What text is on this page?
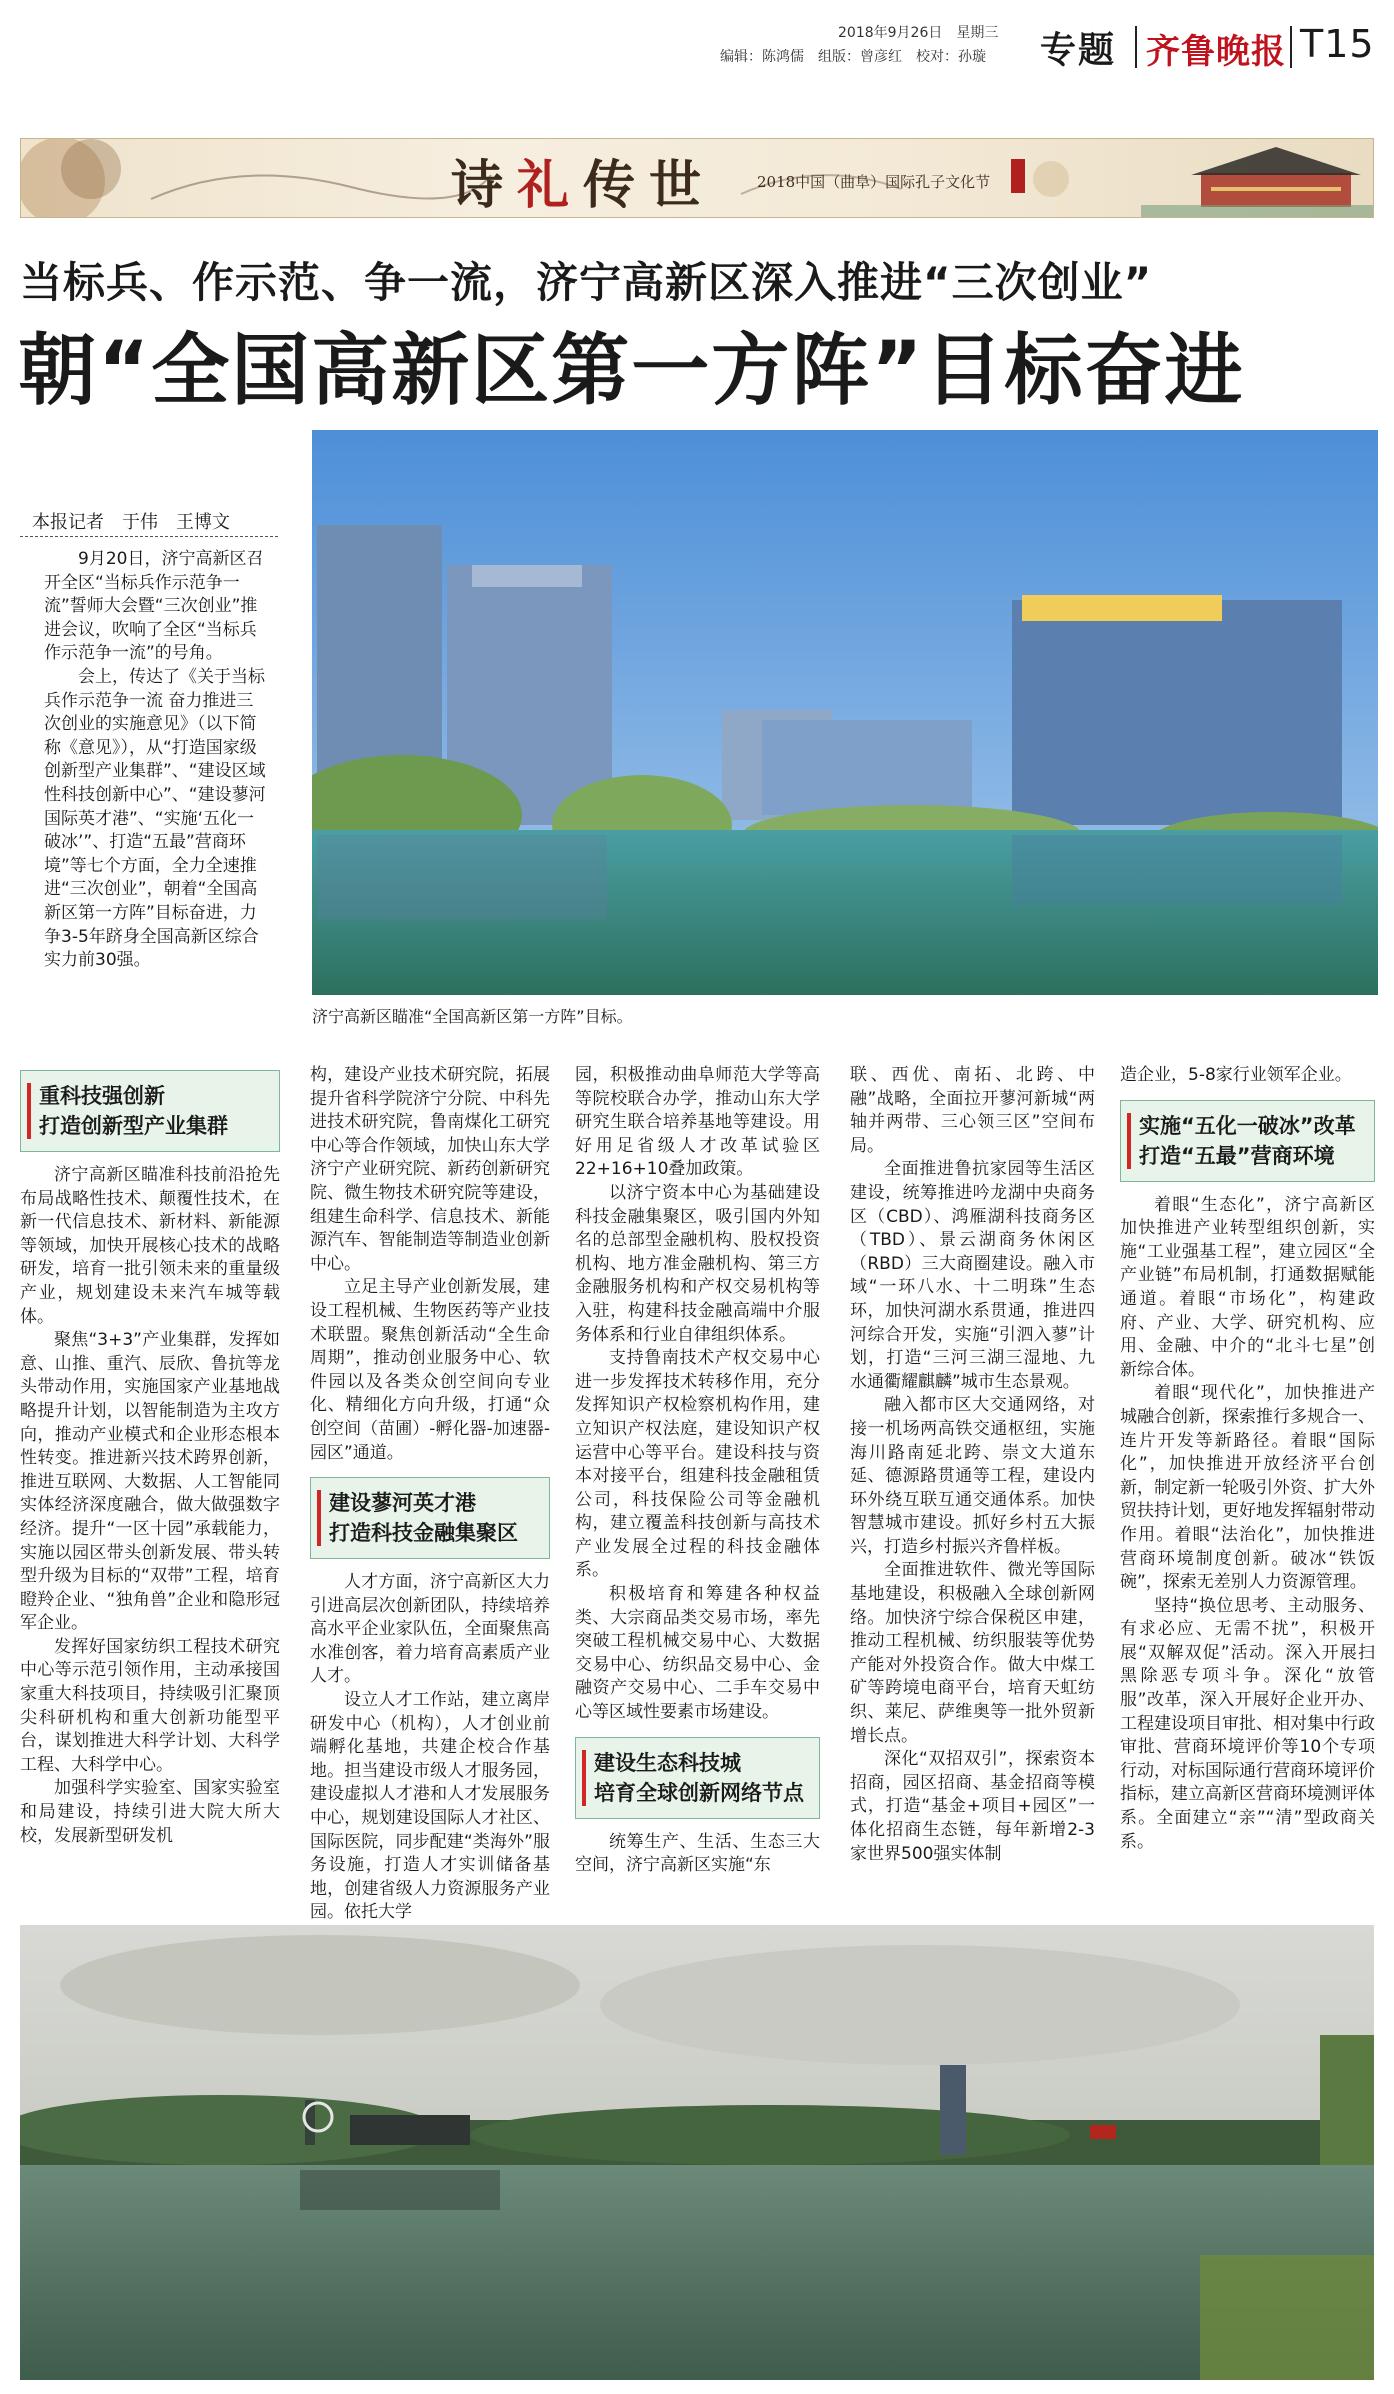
2018年9月26日　星期三
编辑：陈鸿儒　组版：曾彦红　校对：孙璇 专题 齐鲁晚报 T15
诗礼传世	2018中国（曲阜）国际孔子文化节
当标兵、作示范、争一流，济宁高新区深入推进“三次创业”
朝“全国高新区第一方阵”目标奋进
本报记者　于伟　王博文

9月20日，济宁高新区召开全区“当标兵作示范争一流”誓师大会暨“三次创业”推进会议，吹响了全区“当标兵作示范争一流”的号角。

会上，传达了《关于当标兵作示范争一流 奋力推进三次创业的实施意见》（以下简称《意见》），从“打造国家级创新型产业集群”、“建设区域性科技创新中心”、“建设蓼河国际英才港”、“实施‘五化一破冰’”、打造“五最”营商环境”等七个方面，全力全速推进“三次创业”，朝着“全国高新区第一方阵”目标奋进，力争3-5年跻身全国高新区综合实力前30强。

济宁高新区瞄准“全国高新区第一方阵”目标。
重科技强创新
打造创新型产业集群

济宁高新区瞄准科技前沿抢先布局战略性技术、颠覆性技术，在新一代信息技术、新材料、新能源等领域，加快开展核心技术的战略研发，培育一批引领未来的重量级产业，规划建设未来汽车城等载体。

聚焦“3+3”产业集群，发挥如意、山推、重汽、辰欣、鲁抗等龙头带动作用，实施国家产业基地战略提升计划，以智能制造为主攻方向，推动产业模式和企业形态根本性转变。推进新兴技术跨界创新，推进互联网、大数据、人工智能同实体经济深度融合，做大做强数字经济。提升“一区十园”承载能力，实施以园区带头创新发展、带头转型升级为目标的“双带”工程，培育瞪羚企业、“独角兽”企业和隐形冠军企业。

发挥好国家纺织工程技术研究中心等示范引领作用，主动承接国家重大科技项目，持续吸引汇聚顶尖科研机构和重大创新功能型平台，谋划推进大科学计划、大科学工程、大科学中心。

加强科学实验室、国家实验室和局建设，持续引进大院大所大校，发展新型研发机

构，建设产业技术研究院，拓展提升省科学院济宁分院、中科先进技术研究院，鲁南煤化工研究中心等合作领域，加快山东大学济宁产业研究院、新药创新研究院、微生物技术研究院等建设，组建生命科学、信息技术、新能源汽车、智能制造等制造业创新中心。

立足主导产业创新发展，建设工程机械、生物医药等产业技术联盟。聚焦创新活动“全生命周期”，推动创业服务中心、软件园以及各类众创空间向专业化、精细化方向升级，打通“众创空间（苗圃）-孵化器-加速器-园区”通道。

建设蓼河英才港
打造科技金融集聚区

人才方面，济宁高新区大力引进高层次创新团队，持续培养高水平企业家队伍，全面聚焦高水准创客，着力培育高素质产业人才。

设立人才工作站，建立离岸研发中心（机构），人才创业前端孵化基地，共建企校合作基地。担当建设市级人才服务园，建设虚拟人才港和人才发展服务中心，规划建设国际人才社区、国际医院，同步配建“类海外”服务设施，打造人才实训储备基地，创建省级人力资源服务产业园。依托大学

园，积极推动曲阜师范大学等高等院校联合办学，推动山东大学研究生联合培养基地等建设。用好用足省级人才改革试验区22+16+10叠加政策。

以济宁资本中心为基础建设科技金融集聚区，吸引国内外知名的总部型金融机构、股权投资机构、地方准金融机构、第三方金融服务机构和产权交易机构等入驻，构建科技金融高端中介服务体系和行业自律组织体系。

支持鲁南技术产权交易中心进一步发挥技术转移作用，充分发挥知识产权检察机构作用，建立知识产权法庭，建设知识产权运营中心等平台。建设科技与资本对接平台，组建科技金融租赁公司，科技保险公司等金融机构，建立覆盖科技创新与高技术产业发展全过程的科技金融体系。

积极培育和筹建各种权益类、大宗商品类交易市场，率先突破工程机械交易中心、大数据交易中心、纺织品交易中心、金融资产交易中心、二手车交易中心等区域性要素市场建设。

建设生态科技城
培育全球创新网络节点

统筹生产、生活、生态三大空间，济宁高新区实施“东

联、西优、南拓、北跨、中融”战略，全面拉开蓼河新城“两轴并两带、三心领三区”空间布局。

全面推进鲁抗家园等生活区建设，统筹推进吟龙湖中央商务区（CBD）、鸿雁湖科技商务区（TBD）、景云湖商务休闲区（RBD）三大商圈建设。融入市域“一环八水、十二明珠”生态环，加快河湖水系贯通，推进四河综合开发，实施“引泗入蓼”计划，打造“三河三湖三湿地、九水通衢耀麒麟”城市生态景观。

融入都市区大交通网络，对接一机场两高铁交通枢纽，实施海川路南延北跨、崇文大道东延、德源路贯通等工程，建设内环外绕互联互通交通体系。加快智慧城市建设。抓好乡村五大振兴，打造乡村振兴齐鲁样板。

全面推进软件、微光等国际基地建设，积极融入全球创新网络。加快济宁综合保税区申建，推动工程机械、纺织服装等优势产能对外投资合作。做大中煤工矿等跨境电商平台，培育天虹纺织、莱尼、萨维奥等一批外贸新增长点。

深化“双招双引”，探索资本招商，园区招商、基金招商等模式，打造“基金+项目+园区”一体化招商生态链，每年新增2-3家世界500强实体制

造企业，5-8家行业领军企业。

实施“五化一破冰”改革
打造“五最”营商环境

着眼“生态化”，济宁高新区加快推进产业转型组织创新，实施“工业强基工程”，建立园区“全产业链”布局机制，打通数据赋能通道。着眼“市场化”，构建政府、产业、大学、研究机构、应用、金融、中介的“北斗七星”创新综合体。

着眼“现代化”，加快推进产城融合创新，探索推行多规合一、连片开发等新路径。着眼“国际化”，加快推进开放经济平台创新，制定新一轮吸引外资、扩大外贸扶持计划，更好地发挥辐射带动作用。着眼“法治化”，加快推进营商环境制度创新。破冰“铁饭碗”，探索无差别人力资源管理。

坚持“换位思考、主动服务、有求必应、无需不扰”，积极开展“双解双促”活动。深入开展扫黑除恶专项斗争。深化“放管服”改革，深入开展好企业开办、工程建设项目审批、相对集中行政审批、营商环境评价等10个专项行动，对标国际通行营商环境评价指标，建立高新区营商环境测评体系。全面建立“亲”“清”型政商关系。
